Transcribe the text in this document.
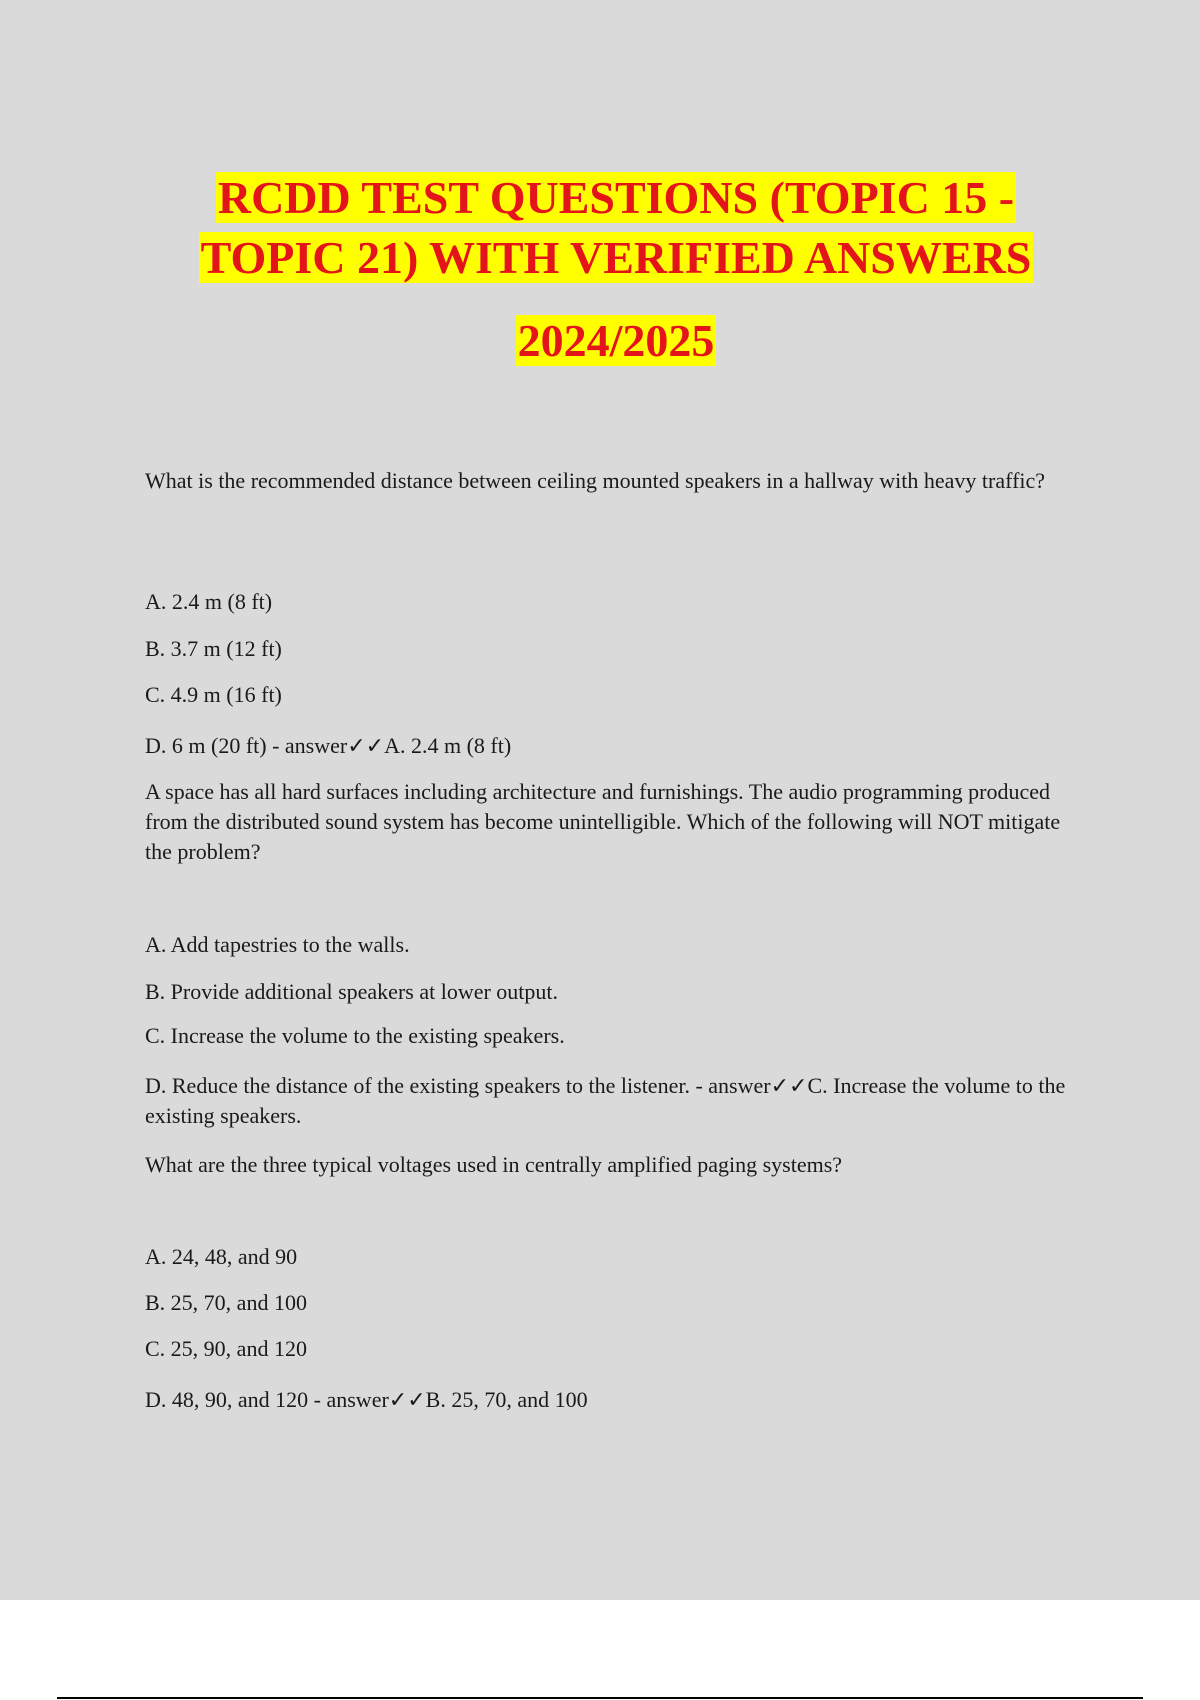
RCDD TEST QUESTIONS (TOPIC 15 -
TOPIC 21) WITH VERIFIED ANSWERS
2024/2025
What is the recommended distance between ceiling mounted speakers in a hallway with heavy traffic?
A. 2.4 m (8 ft)
B. 3.7 m (12 ft)
C. 4.9 m (16 ft)
D. 6 m (20 ft) - answer✓✓A. 2.4 m (8 ft)
A space has all hard surfaces including architecture and furnishings. The audio programming produced from the distributed sound system has become unintelligible. Which of the following will NOT mitigate the problem?
A. Add tapestries to the walls.
B. Provide additional speakers at lower output.
C. Increase the volume to the existing speakers.
D. Reduce the distance of the existing speakers to the listener. - answer✓✓C. Increase the volume to the existing speakers.
What are the three typical voltages used in centrally amplified paging systems?
A. 24, 48, and 90
B. 25, 70, and 100
C. 25, 90, and 120
D. 48, 90, and 120 - answer✓✓B. 25, 70, and 100
